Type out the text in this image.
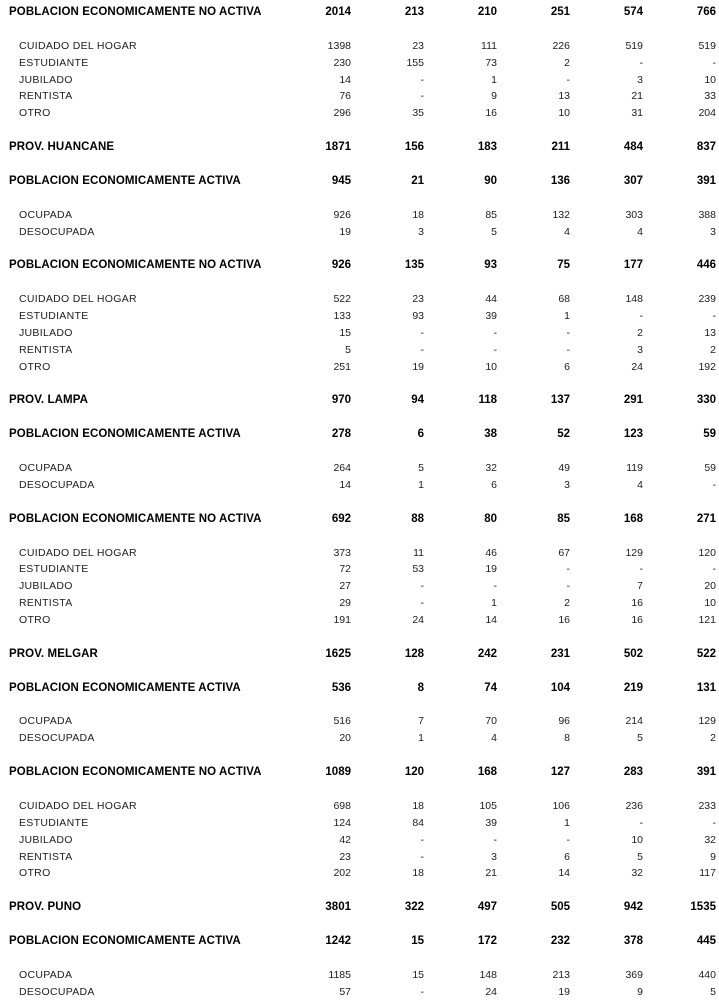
POBLACION ECONOMICAMENTE NO ACTIVA	2014	213	210	251	574	766
CUIDADO DEL HOGAR	1398	23	111	226	519	519
ESTUDIANTE	230	155	73	2	-	-
JUBILADO	14	-	1	-	3	10
RENTISTA	76	-	9	13	21	33
OTRO	296	35	16	10	31	204
PROV. HUANCANE	1871	156	183	211	484	837
POBLACION ECONOMICAMENTE ACTIVA	945	21	90	136	307	391
OCUPADA	926	18	85	132	303	388
DESOCUPADA	19	3	5	4	4	3
POBLACION ECONOMICAMENTE NO ACTIVA	926	135	93	75	177	446
CUIDADO DEL HOGAR	522	23	44	68	148	239
ESTUDIANTE	133	93	39	1	-	-
JUBILADO	15	-	-	-	2	13
RENTISTA	5	-	-	-	3	2
OTRO	251	19	10	6	24	192
PROV. LAMPA	970	94	118	137	291	330
POBLACION ECONOMICAMENTE ACTIVA	278	6	38	52	123	59
OCUPADA	264	5	32	49	119	59
DESOCUPADA	14	1	6	3	4	-
POBLACION ECONOMICAMENTE NO ACTIVA	692	88	80	85	168	271
CUIDADO DEL HOGAR	373	11	46	67	129	120
ESTUDIANTE	72	53	19	-	-	-
JUBILADO	27	-	-	-	7	20
RENTISTA	29	-	1	2	16	10
OTRO	191	24	14	16	16	121
PROV. MELGAR	1625	128	242	231	502	522
POBLACION ECONOMICAMENTE ACTIVA	536	8	74	104	219	131
OCUPADA	516	7	70	96	214	129
DESOCUPADA	20	1	4	8	5	2
POBLACION ECONOMICAMENTE NO ACTIVA	1089	120	168	127	283	391
CUIDADO DEL HOGAR	698	18	105	106	236	233
ESTUDIANTE	124	84	39	1	-	-
JUBILADO	42	-	-	-	10	32
RENTISTA	23	-	3	6	5	9
OTRO	202	18	21	14	32	117
PROV. PUNO	3801	322	497	505	942	1535
POBLACION ECONOMICAMENTE ACTIVA	1242	15	172	232	378	445
OCUPADA	1185	15	148	213	369	440
DESOCUPADA	57	-	24	19	9	5
